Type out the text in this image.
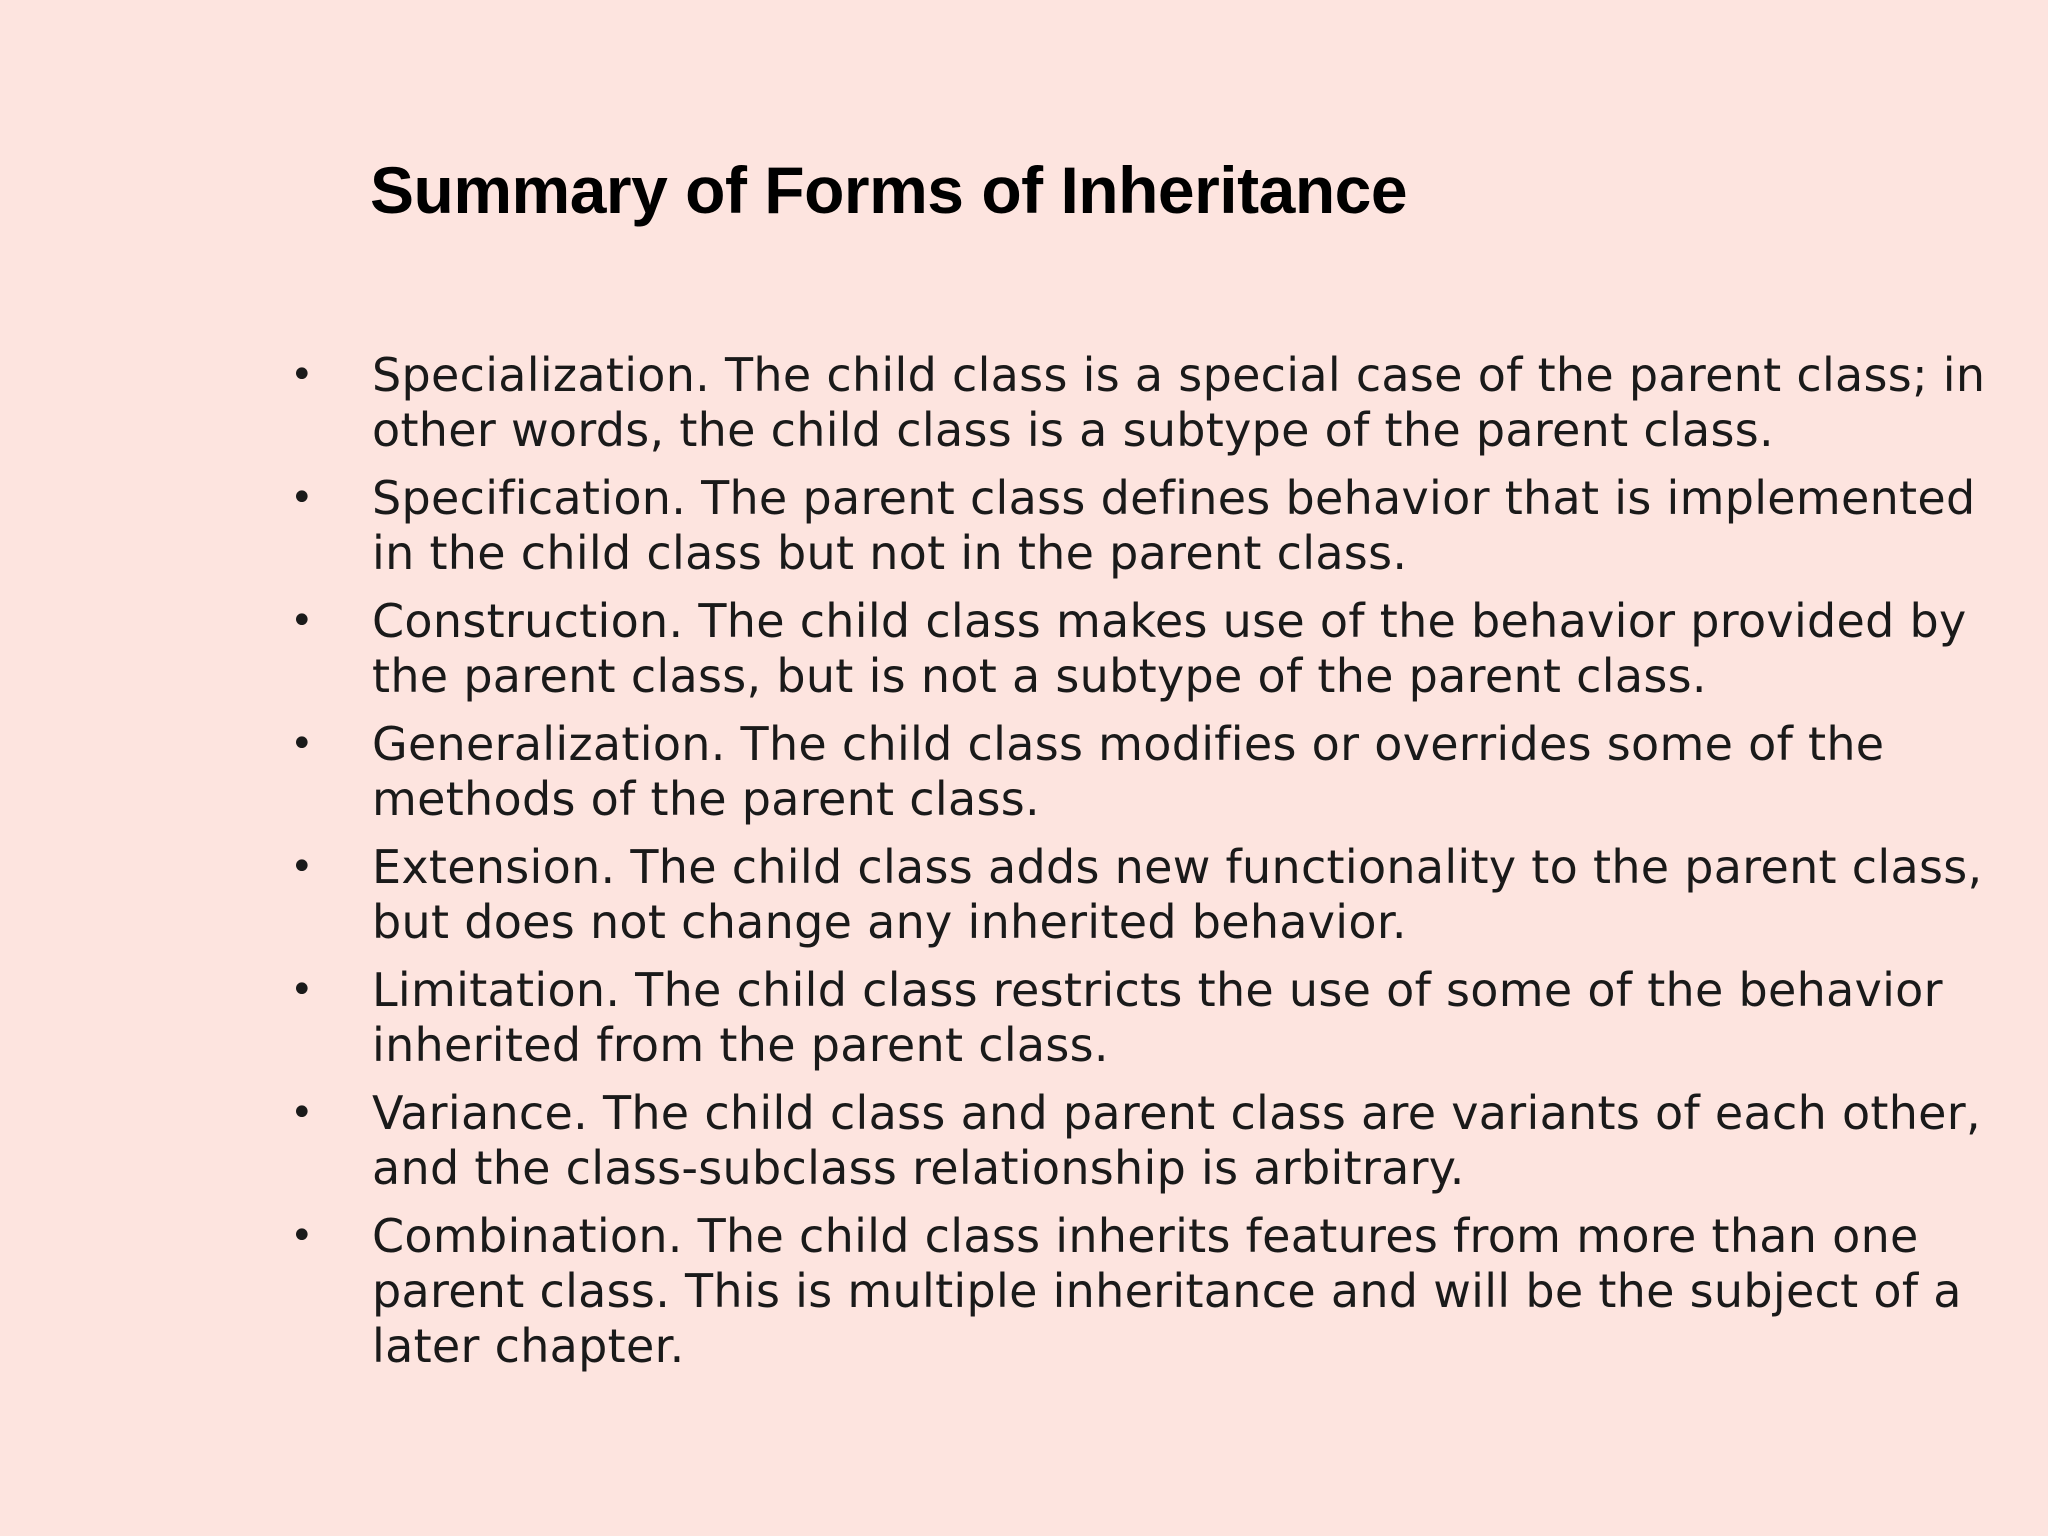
Summary of Forms of Inheritance
• Specialization. The child class is a special case of the parent class; in other words, the child class is a subtype of the parent class.
• Specification. The parent class defines behavior that is implemented in the child class but not in the parent class.
• Construction. The child class makes use of the behavior provided by the parent class, but is not a subtype of the parent class.
• Generalization. The child class modifies or overrides some of the methods of the parent class.
• Extension. The child class adds new functionality to the parent class, but does not change any inherited behavior.
• Limitation. The child class restricts the use of some of the behavior inherited from the parent class.
• Variance. The child class and parent class are variants of each other, and the class-subclass relationship is arbitrary.
• Combination. The child class inherits features from more than one parent class. This is multiple inheritance and will be the subject of a later chapter.
